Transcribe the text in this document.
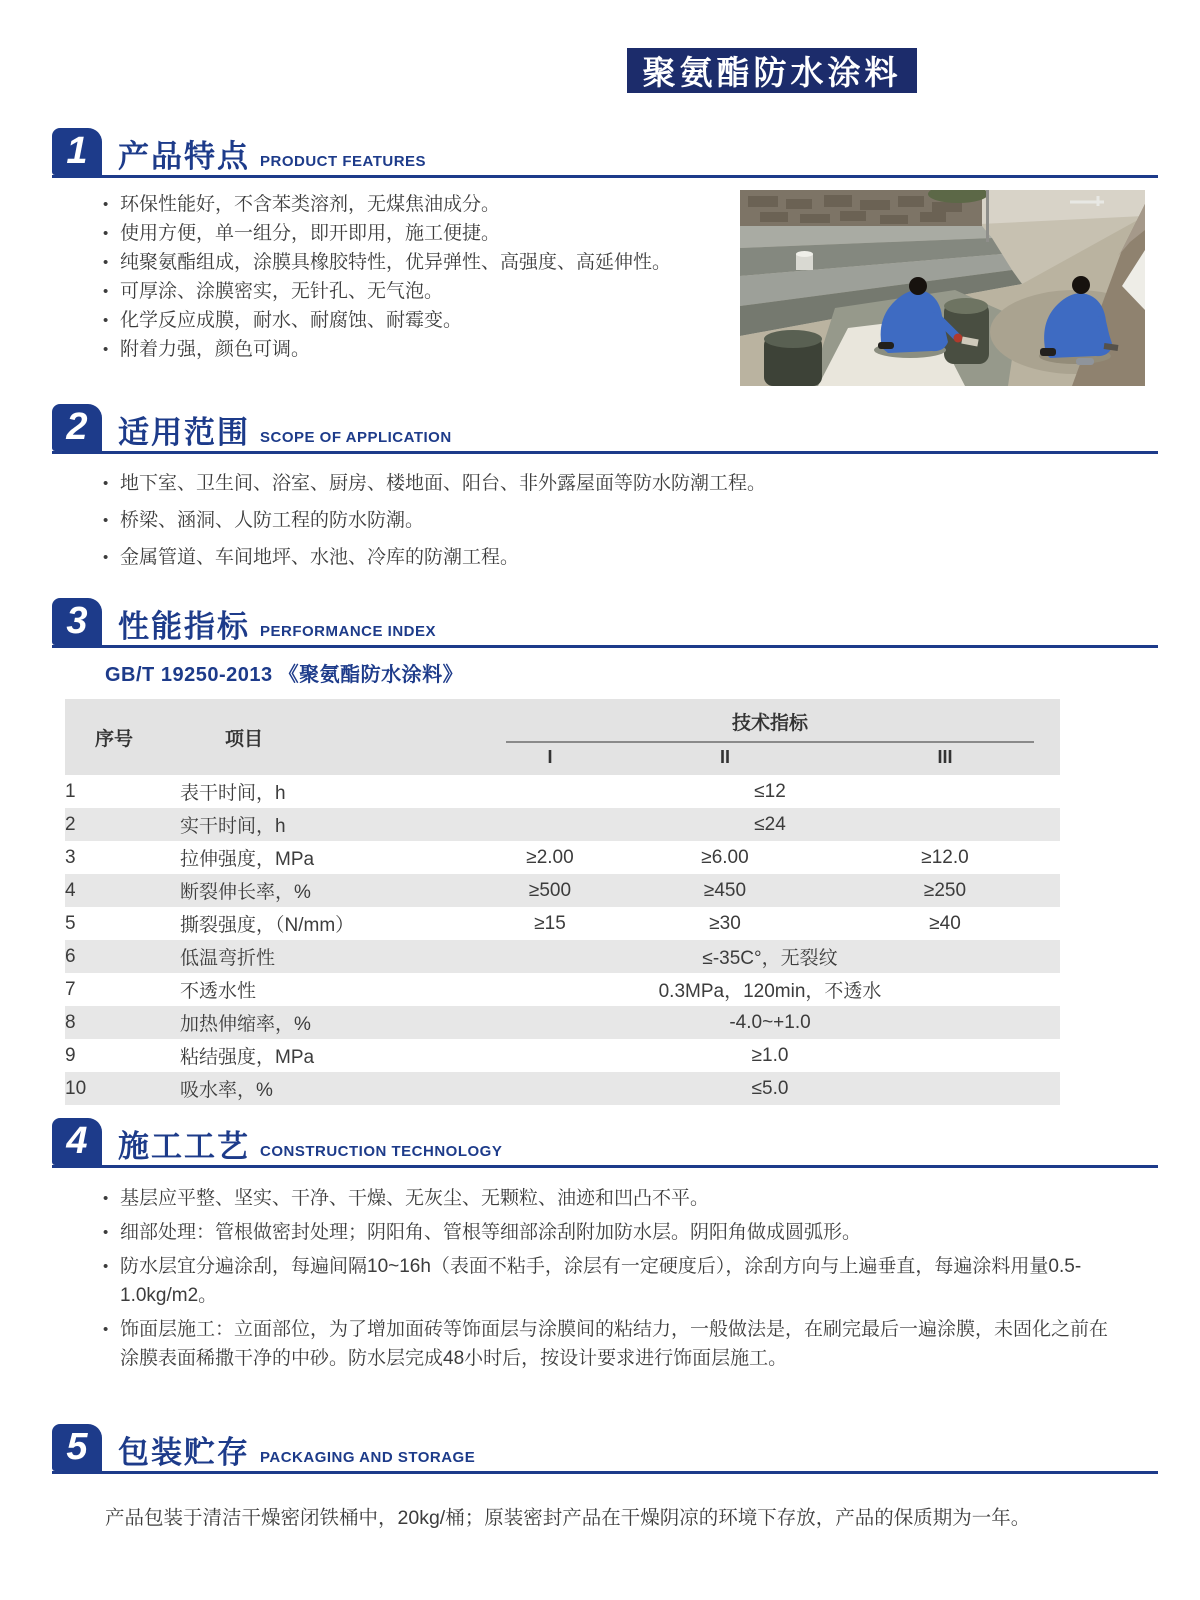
聚氨酯防水涂料
1 产品特点 PRODUCT FEATURES
• 环保性能好，不含苯类溶剂，无煤焦油成分。
• 使用方便，单一组分，即开即用，施工便捷。
• 纯聚氨酯组成，涂膜具橡胶特性，优异弹性、高强度、高延伸性。
• 可厚涂、涂膜密实，无针孔、无气泡。
• 化学反应成膜，耐水、耐腐蚀、耐霉变。
• 附着力强，颜色可调。
2 适用范围 SCOPE OF APPLICATION
• 地下室、卫生间、浴室、厨房、楼地面、阳台、非外露屋面等防水防潮工程。
• 桥梁、涵洞、人防工程的防水防潮。
• 金属管道、车间地坪、水池、冷库的防潮工程。
3 性能指标 PERFORMANCE INDEX
GB/T 19250-2013 《聚氨酯防水涂料》
序号	项目	技术指标		

		I	II	III
1	表干时间，h	≤12		
2	实干时间，h	≤24		
3	拉伸强度，MPa	≥2.00	≥6.00	≥12.0
4	断裂伸长率，%	≥500	≥450	≥250
5	撕裂强度，（N/mm）	≥15	≥30	≥40
6	低温弯折性	≤-35C°，无裂纹		
7	不透水性	0.3MPa，120min，不透水		
8	加热伸缩率，%	-4.0~+1.0		
9	粘结强度，MPa	≥1.0		
10	吸水率，%	≤5.0		
4 施工工艺 CONSTRUCTION TECHNOLOGY
• 基层应平整、坚实、干净、干燥、无灰尘、无颗粒、油迹和凹凸不平。
• 细部处理：管根做密封处理；阴阳角、管根等细部涂刮附加防水层。阴阳角做成圆弧形。
• 防水层宜分遍涂刮，每遍间隔10~16h（表面不粘手，涂层有一定硬度后），涂刮方向与上遍垂直，每遍涂料用量0.5-1.0kg/m2。
• 饰面层施工：立面部位，为了增加面砖等饰面层与涂膜间的粘结力，一般做法是，在刷完最后一遍涂膜，未固化之前在涂膜表面稀撒干净的中砂。防水层完成48小时后，按设计要求进行饰面层施工。
5 包装贮存 PACKAGING AND STORAGE

产品包装于清洁干燥密闭铁桶中，20kg/桶；原装密封产品在干燥阴凉的环境下存放，产品的保质期为一年。
